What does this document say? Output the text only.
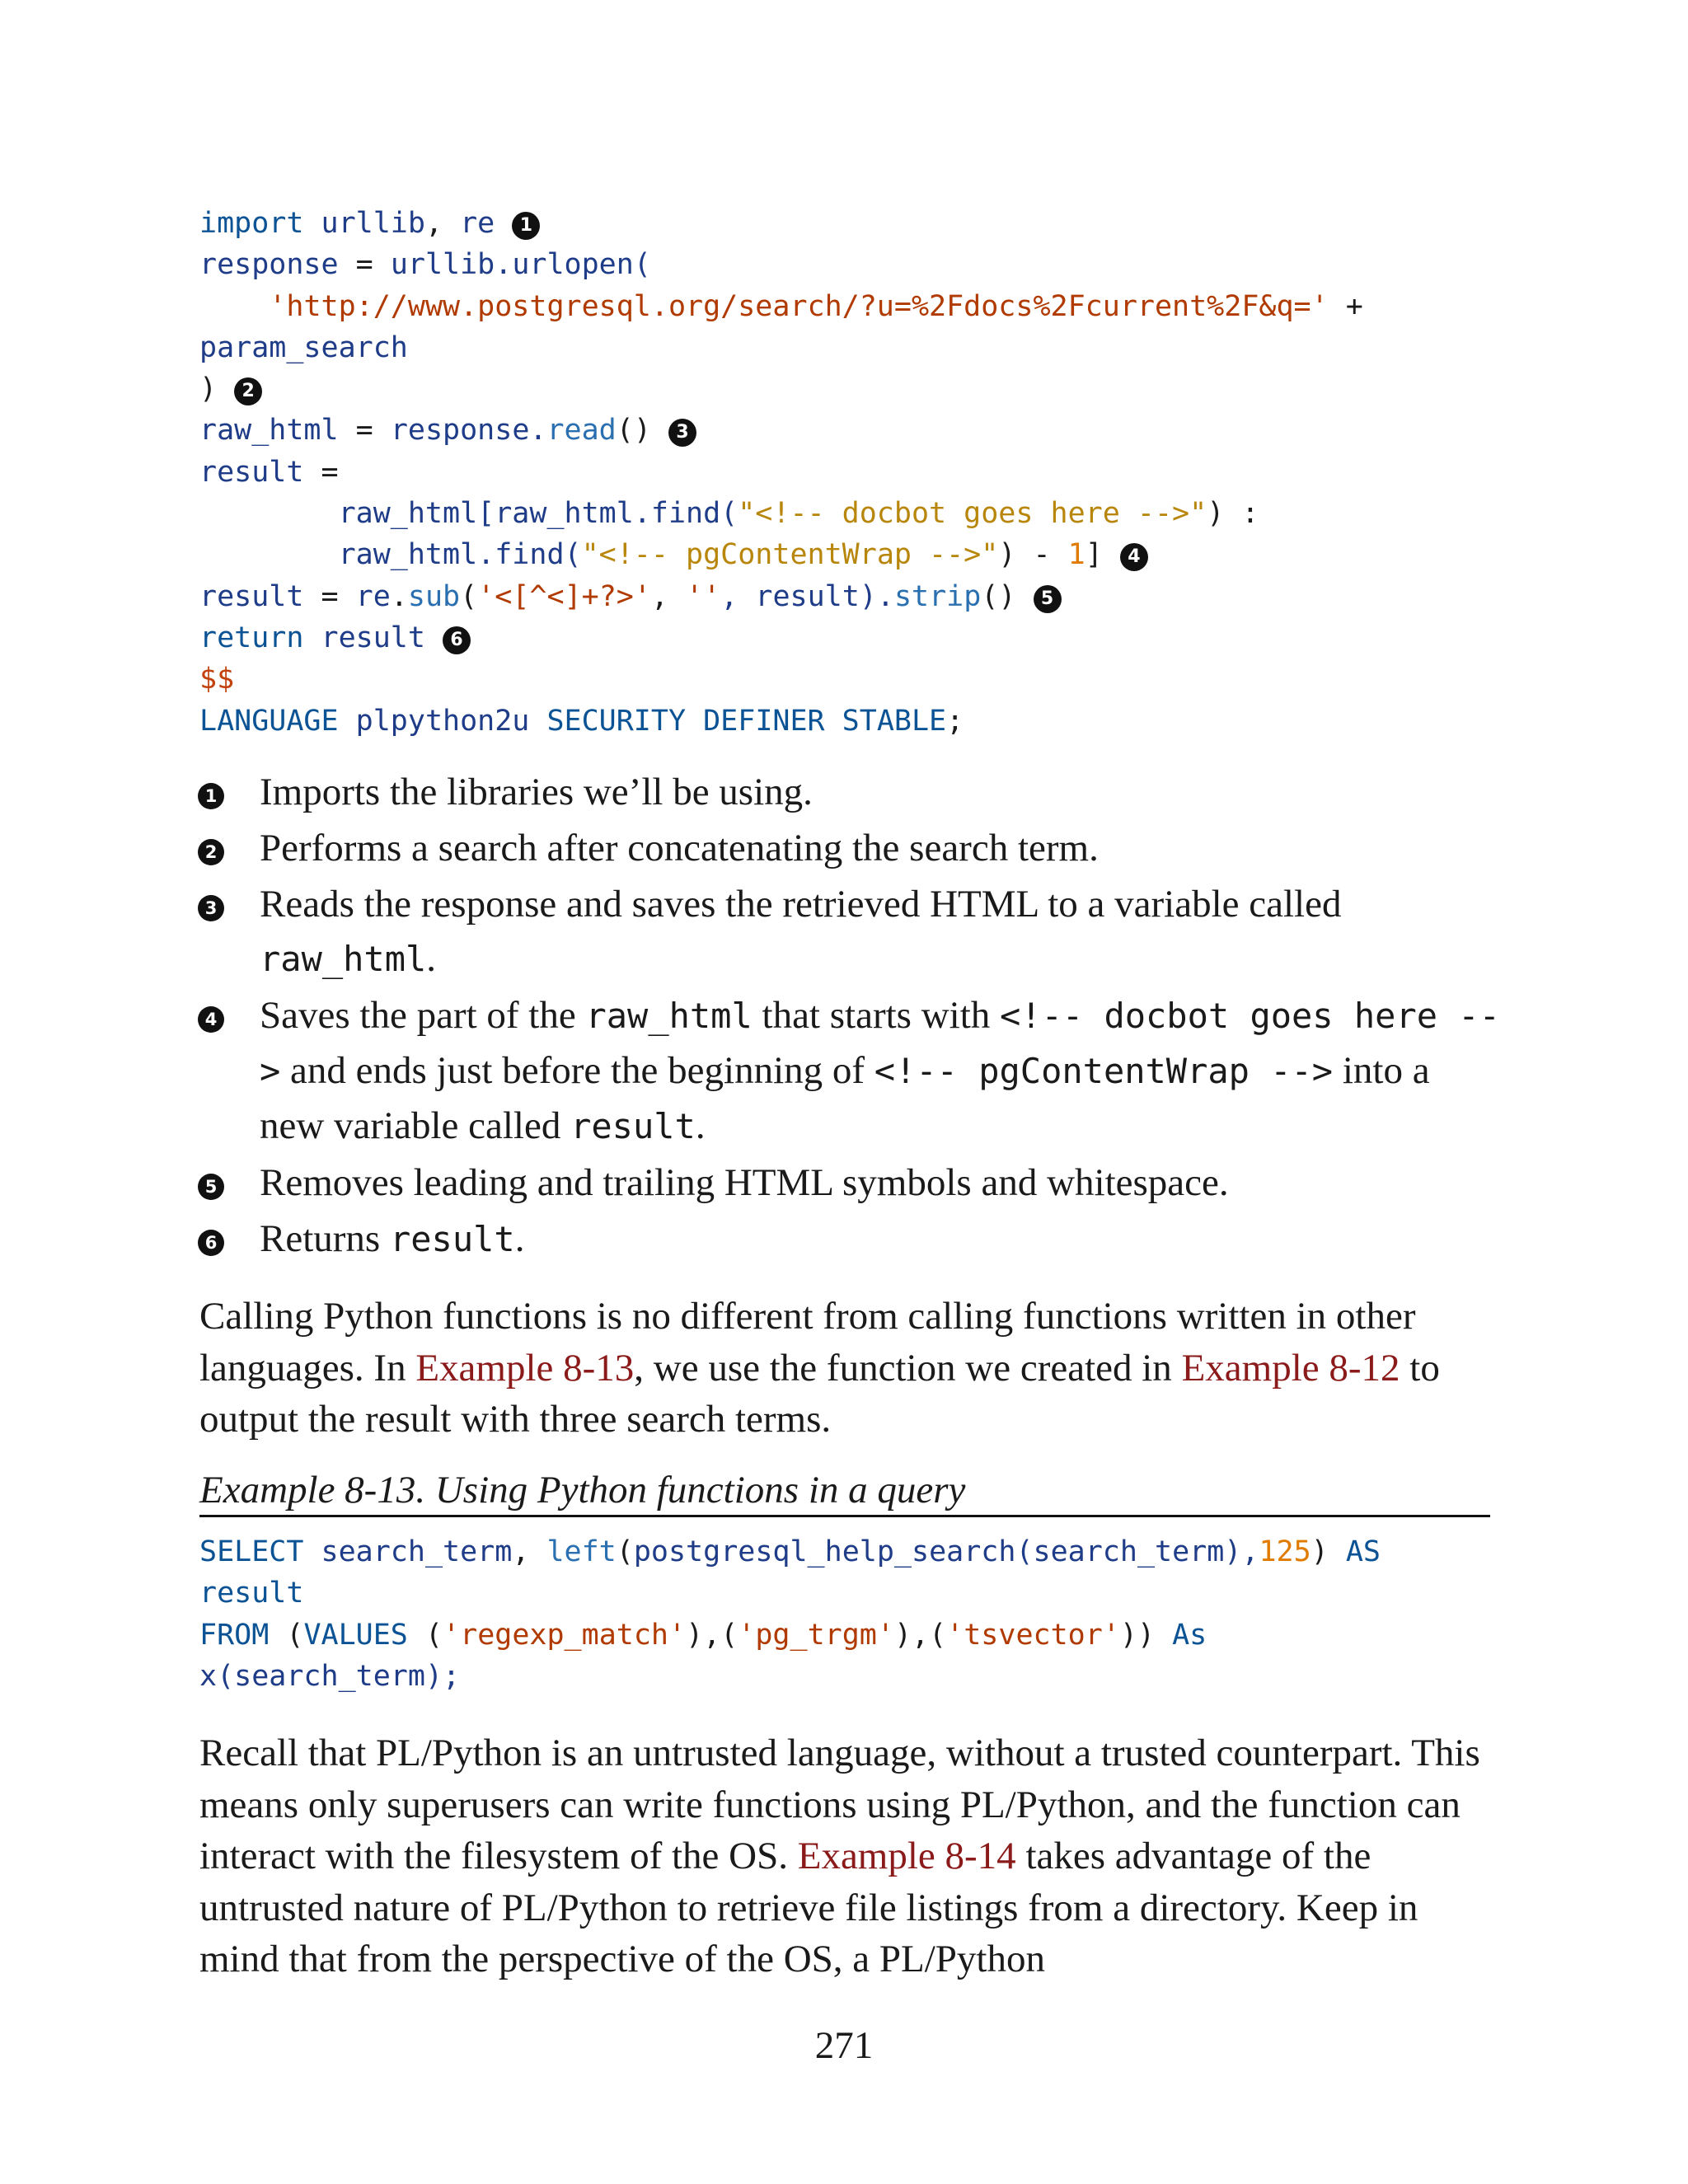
import urllib, re 1
response = urllib.urlopen(
'http://www.postgresql.org/search/?u=%2Fdocs%2Fcurrent%2F&q=' +
param_search
) 2
raw_html = response.read() 3
result =
raw_html[raw_html.find("<!-- docbot goes here -->") :
raw_html.find("<!-- pgContentWrap -->") - 1] 4
result = re.sub('<[^<]+?>', '', result).strip() 5
return result 6
$$
LANGUAGE plpython2u SECURITY DEFINER STABLE;
1 Imports the libraries we’ll be using.
2 Performs a search after concatenating the search term.
3 Reads the response and saves the retrieved HTML to a variable called raw_html.
4 Saves the part of the raw_html that starts with <!-- docbot goes here --> and ends just before the beginning of <!-- pgContentWrap --> into a new variable called result.
5 Removes leading and trailing HTML symbols and whitespace.
6 Returns result.

Calling Python functions is no different from calling functions written in other languages. In Example 8-13, we use the function we created in Example 8-12 to output the result with three search terms.

Example 8-13. Using Python functions in a query
SELECT search_term, left(postgresql_help_search(search_term),125) AS
result
FROM (VALUES ('regexp_match'),('pg_trgm'),('tsvector')) As
x(search_term);

Recall that PL/Python is an untrusted language, without a trusted counterpart. This means only superusers can write functions using PL/Python, and the function can interact with the filesystem of the OS. Example 8-14 takes advantage of the untrusted nature of PL/Python to retrieve file listings from a directory. Keep in mind that from the perspective of the OS, a PL/Python

271
